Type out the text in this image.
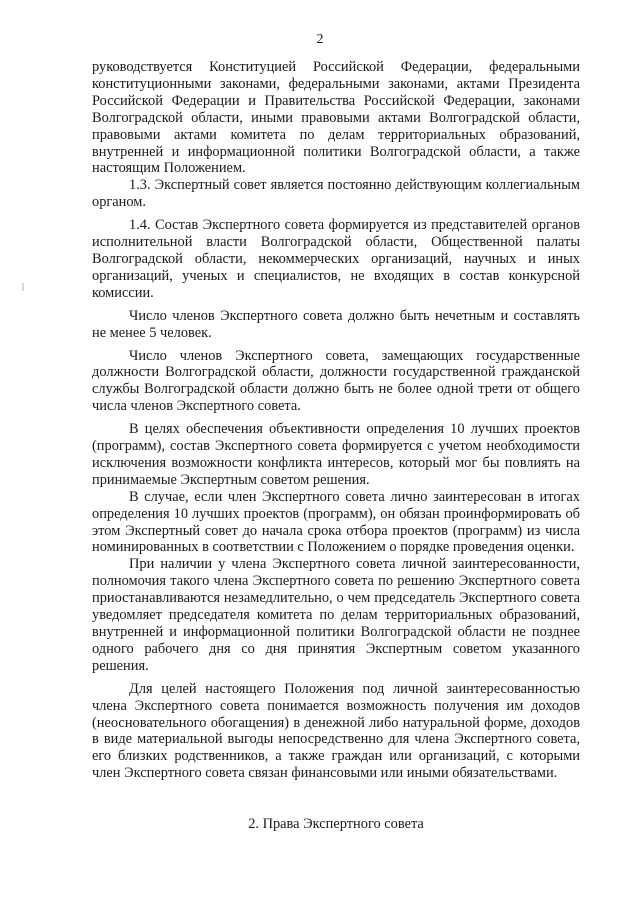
2

руководствуется Конституцией Российской Федерации, федеральными конституционными законами, федеральными законами, актами Президента Российской Федерации и Правительства Российской Федерации, законами Волгоградской области, иными правовыми актами Волгоградской области, правовыми актами комитета по делам территориальных образований, внутренней и информационной политики Волгоградской области, а также настоящим Положением.

1.3. Экспертный совет является постоянно действующим коллегиальным органом.

1.4. Состав Экспертного совета формируется из представителей органов исполнительной власти Волгоградской области, Общественной палаты Волгоградской области, некоммерческих организаций, научных и иных организаций, ученых и специалистов, не входящих в состав конкурсной комиссии.

Число членов Экспертного совета должно быть нечетным и составлять не менее 5 человек.

Число членов Экспертного совета, замещающих государственные должности Волгоградской области, должности государственной гражданской службы Волгоградской области должно быть не более одной трети от общего числа членов Экспертного совета.

В целях обеспечения объективности определения 10 лучших проектов (программ), состав Экспертного совета формируется с учетом необходимости исключения возможности конфликта интересов, который мог бы повлиять на принимаемые Экспертным советом решения.

В случае, если член Экспертного совета лично заинтересован в итогах определения 10 лучших проектов (программ), он обязан проинформировать об этом Экспертный совет до начала срока отбора проектов (программ) из числа номинированных в соответствии с Положением о порядке проведения оценки.

При наличии у члена Экспертного совета личной заинтересованности, полномочия такого члена Экспертного совета по решению Экспертного совета приостанавливаются незамедлительно, о чем председатель Экспертного совета уведомляет председателя комитета по делам территориальных образований, внутренней и информационной политики Волгоградской области не позднее одного рабочего дня со дня принятия Экспертным советом указанного решения.

Для целей настоящего Положения под личной заинтересованностью члена Экспертного совета понимается возможность получения им доходов (неосновательного обогащения) в денежной либо натуральной форме, доходов в виде материальной выгоды непосредственно для члена Экспертного совета, его близких родственников, а также граждан или организаций, с которыми член Экспертного совета связан финансовыми или иными обязательствами.

2. Права Экспертного совета
